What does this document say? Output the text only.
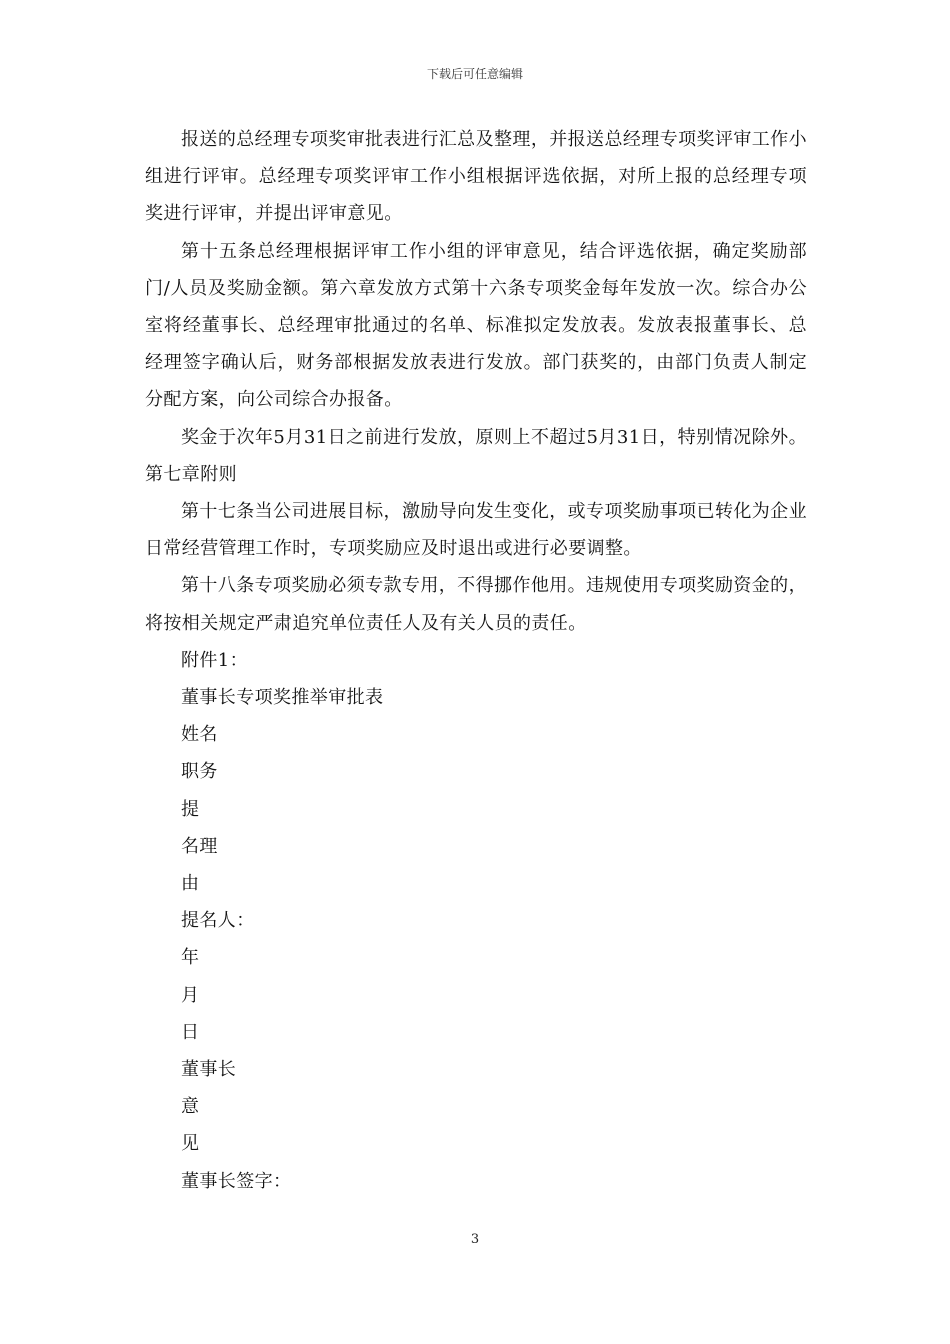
下载后可任意编辑

报送的总经理专项奖审批表进行汇总及整理，并报送总经理专项奖评审工作小组进行评审。总经理专项奖评审工作小组根据评选依据，对所上报的总经理专项奖进行评审，并提出评审意见。

第十五条总经理根据评审工作小组的评审意见，结合评选依据，确定奖励部门/人员及奖励金额。第六章发放方式第十六条专项奖金每年发放一次。综合办公室将经董事长、总经理审批通过的名单、标准拟定发放表。发放表报董事长、总经理签字确认后，财务部根据发放表进行发放。部门获奖的，由部门负责人制定分配方案，向公司综合办报备。

奖金于次年5月31日之前进行发放，原则上不超过5月31日，特别情况除外。第七章附则

第十七条当公司进展目标，激励导向发生变化，或专项奖励事项已转化为企业日常经营管理工作时，专项奖励应及时退出或进行必要调整。

第十八条专项奖励必须专款专用，不得挪作他用。违规使用专项奖励资金的，将按相关规定严肃追究单位责任人及有关人员的责任。

附件1：

董事长专项奖推举审批表

姓名

职务

提

名理

由

提名人：

年

月

日

董事长

意

见

董事长签字：

3
